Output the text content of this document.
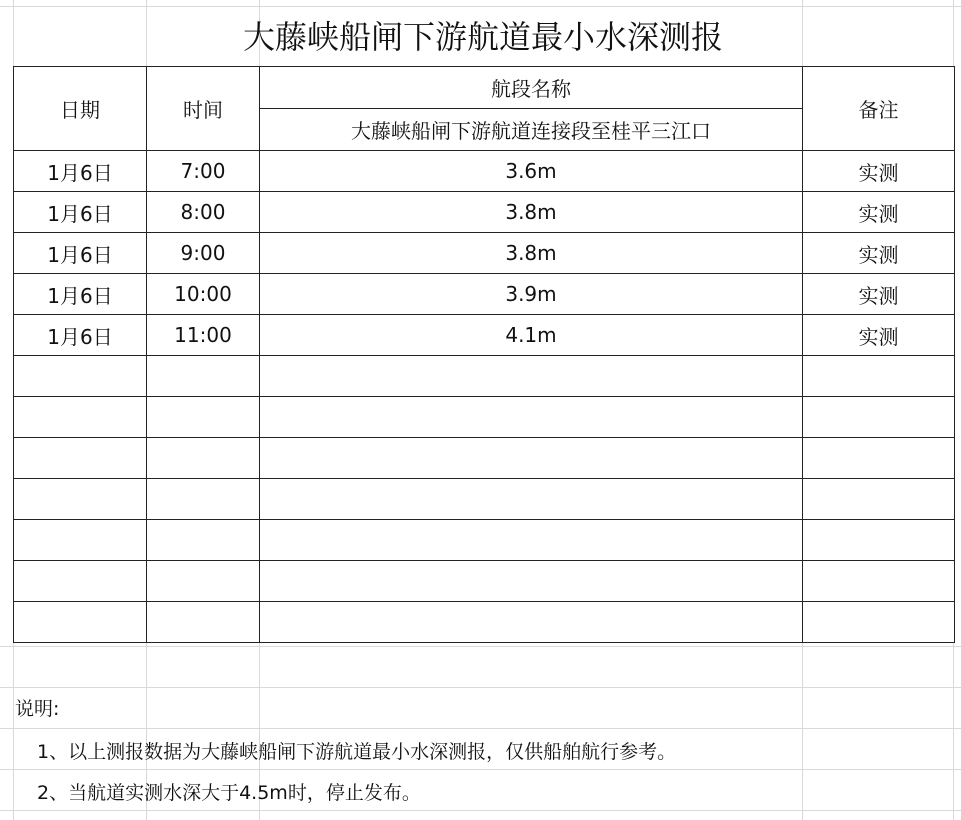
大藤峡船闸下游航道最小水深测报
日期	时间	航段名称	备注
		大藤峡船闸下游航道连接段至桂平三江口	
1月6日	7:00	3.6m	实测
1月6日	8:00	3.8m	实测
1月6日	9:00	3.8m	实测
1月6日	10:00	3.9m	实测
1月6日	11:00	4.1m	实测

说明:
1、以上测报数据为大藤峡船闸下游航道最小水深测报，仅供船舶航行参考。
2、当航道实测水深大于4.5m时，停止发布。
